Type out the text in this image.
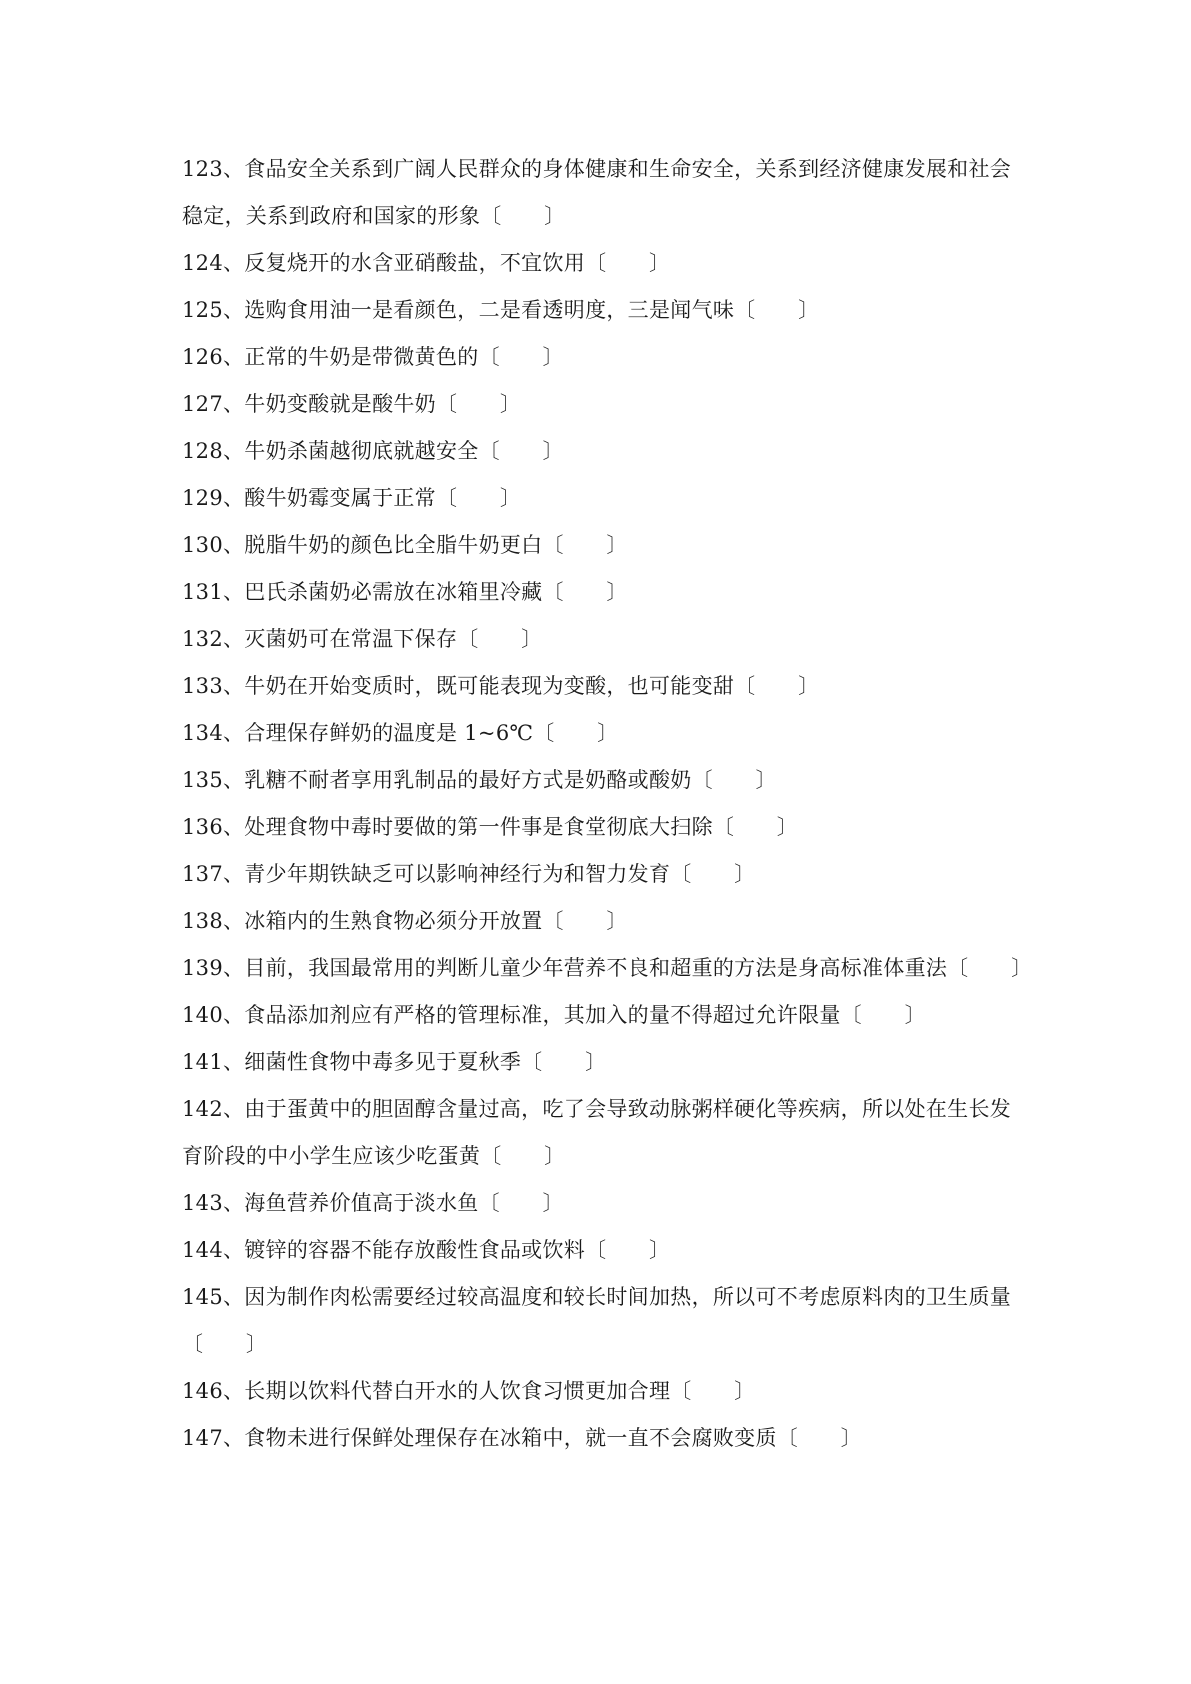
123、食品安全关系到广阔人民群众的身体健康和生命安全，关系到经济健康发展和社会稳定，关系到政府和国家的形象〔　　〕
124、反复烧开的水含亚硝酸盐，不宜饮用〔　　〕
125、选购食用油一是看颜色，二是看透明度，三是闻气味〔　　〕
126、正常的牛奶是带微黄色的〔　　〕
127、牛奶变酸就是酸牛奶〔　　〕
128、牛奶杀菌越彻底就越安全〔　　〕
129、酸牛奶霉变属于正常〔　　〕
130、脱脂牛奶的颜色比全脂牛奶更白〔　　〕
131、巴氏杀菌奶必需放在冰箱里冷藏〔　　〕
132、灭菌奶可在常温下保存〔　　〕
133、牛奶在开始变质时，既可能表现为变酸，也可能变甜〔　　〕
134、合理保存鲜奶的温度是 1~6℃〔　　〕
135、乳糖不耐者享用乳制品的最好方式是奶酪或酸奶〔　　〕
136、处理食物中毒时要做的第一件事是食堂彻底大扫除〔　　〕
137、青少年期铁缺乏可以影响神经行为和智力发育〔　　〕
138、冰箱内的生熟食物必须分开放置〔　　〕
139、目前，我国最常用的判断儿童少年营养不良和超重的方法是身高标准体重法〔　　〕
140、食品添加剂应有严格的管理标准，其加入的量不得超过允许限量〔　　〕
141、细菌性食物中毒多见于夏秋季〔　　〕
142、由于蛋黄中的胆固醇含量过高，吃了会导致动脉粥样硬化等疾病，所以处在生长发育阶段的中小学生应该少吃蛋黄〔　　〕
143、海鱼营养价值高于淡水鱼〔　　〕
144、镀锌的容器不能存放酸性食品或饮料〔　　〕
145、因为制作肉松需要经过较高温度和较长时间加热，所以可不考虑原料肉的卫生质量〔　　〕
146、长期以饮料代替白开水的人饮食习惯更加合理〔　　〕
147、食物未进行保鲜处理保存在冰箱中，就一直不会腐败变质〔　　〕
